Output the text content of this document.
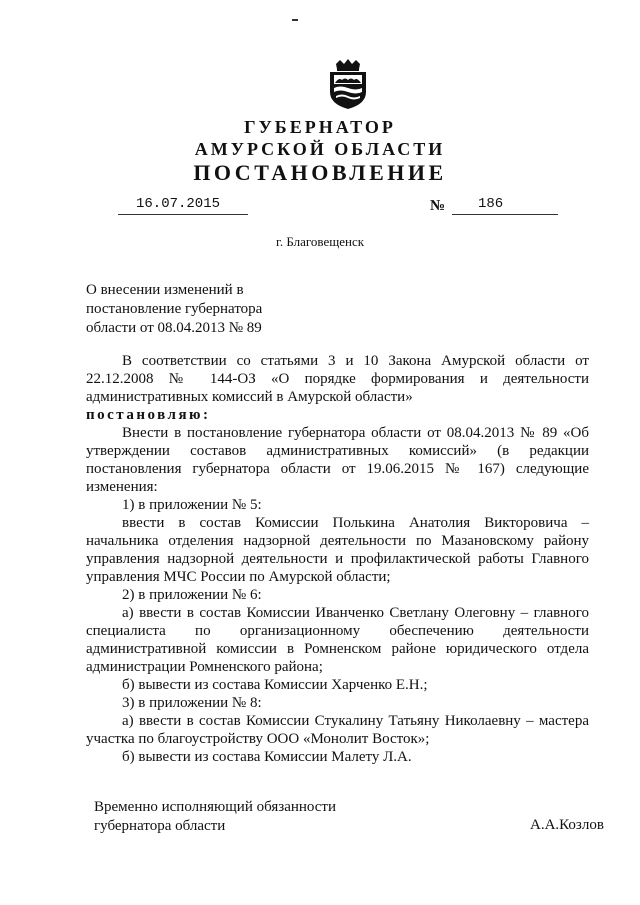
ГУБЕРНАТОР
АМУРСКОЙ ОБЛАСТИ
ПОСТАНОВЛЕНИЕ
16.07.2015	№ 186
г. Благовещенск
О внесении изменений в
постановление губернатора
области от 08.04.2013 № 89

В соответствии со статьями 3 и 10 Закона Амурской области от

22.12.2008 № 144-ОЗ «О порядке формирования и деятельности

административных комиссий в Амурской области»

постановляю:

Внести в постановление губернатора области от 08.04.2013 № 89 «Об

утверждении составов административных комиссий» (в редакции

постановления губернатора области от 19.06.2015 № 167) следующие

изменения:

1) в приложении № 5:

ввести в состав Комиссии Полькина Анатолия Викторовича –

начальника отделения надзорной деятельности по Мазановскому району

управления надзорной деятельности и профилактической работы Главного

управления МЧС России по Амурской области;

2) в приложении № 6:

а) ввести в состав Комиссии Иванченко Светлану Олеговну – главного

специалиста по организационному обеспечению деятельности

административной комиссии в Ромненском районе юридического отдела

администрации Ромненского района;

б) вывести из состава Комиссии Харченко Е.Н.;

3) в приложении № 8:

а) ввести в состав Комиссии Стукалину Татьяну Николаевну – мастера

участка по благоустройству ООО «Монолит Восток»;

б) вывести из состава Комиссии Малету Л.А.

Временно исполняющий обязанности
губернатора области	А.А.Козлов
